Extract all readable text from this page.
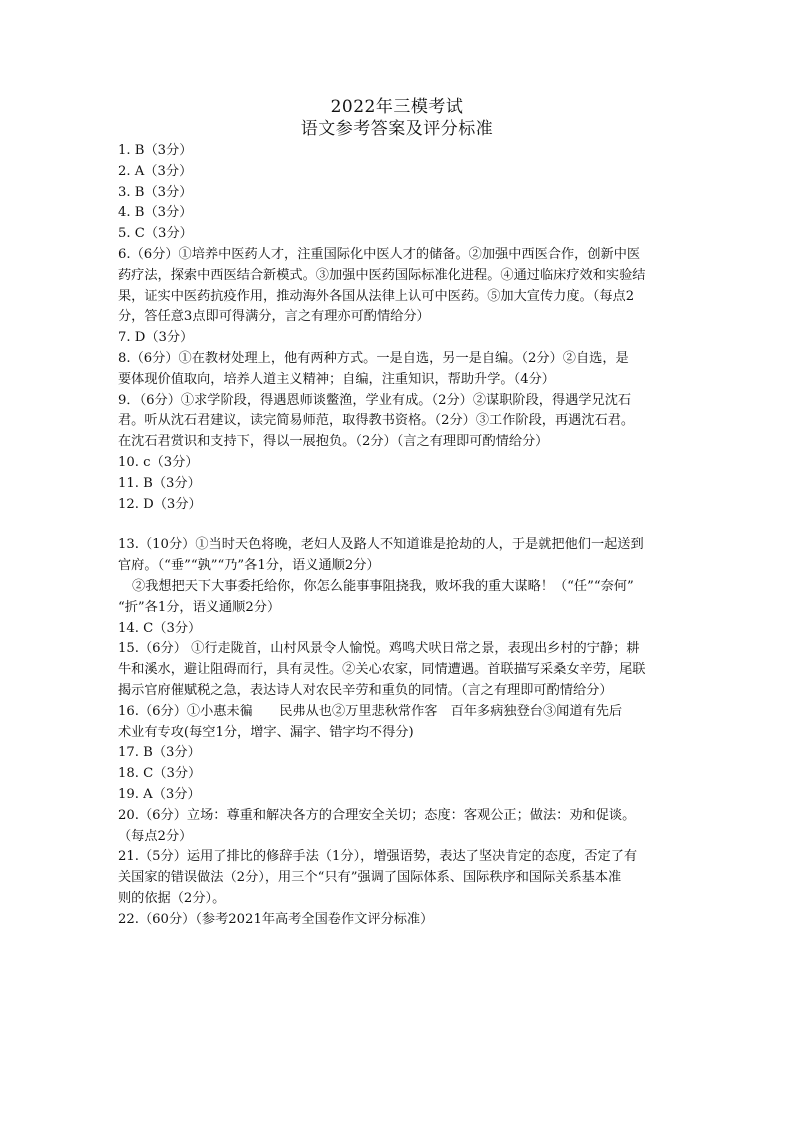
2022年三模考试
语文参考答案及评分标准
1. B（3分）
2. A（3分）
3. B（3分）
4. B（3分）
5. C（3分）
6.（6分）①培养中医药人才，注重国际化中医人才的储备。②加强中西医合作，创新中医
药疗法，探索中西医结合新模式。③加强中医药国际标准化进程。④通过临床疗效和实验结
果，证实中医药抗疫作用，推动海外各国从法律上认可中医药。⑤加大宣传力度。（每点2
分，答任意3点即可得满分，言之有理亦可酌情给分）
7. D（3分）
8.（6分）①在教材处理上，他有两种方式。一是自选，另一是自编。（2分）②自选，是
要体现价值取向，培养人道主义精神；自编，注重知识，帮助升学。（4分）
9．（6分）①求学阶段，得遇恩师谈鳖渔，学业有成。（2分）②谋职阶段，得遇学兄沈石
君。听从沈石君建议，读完简易师范，取得教书资格。（2分）③工作阶段，再遇沈石君。
在沈石君赏识和支持下，得以一展抱负。（2分）（言之有理即可酌情给分）
10. c（3分）
11. B（3分）
12. D（3分）
13.（10分）①当时天色将晚，老妇人及路人不知道谁是抢劫的人，于是就把他们一起送到
官府。（“垂”“孰”“乃”各1分，语义通顺2分）
②我想把天下大事委托给你，你怎么能事事阻挠我，败坏我的重大谋略！（“任”“奈何”
“折”各1分，语义通顺2分）
14. C（3分）
15.（6分） ①行走陇首，山村风景令人愉悦。鸡鸣犬吠日常之景，表现出乡村的宁静；耕
牛和溪水，避让阻碍而行，具有灵性。②关心农家，同情遭遇。首联描写采桑女辛劳，尾联
揭示官府催赋税之急，表达诗人对农民辛劳和重负的同情。（言之有理即可酌情给分）
16.（6分）①小惠未徧　　民弗从也②万里悲秋常作客　百年多病独登台③闻道有先后
术业有专攻(每空1分，增字、漏字、错字均不得分)
17. B（3分）
18. C（3分）
19. A（3分）
20.（6分）立场：尊重和解决各方的合理安全关切；态度：客观公正；做法：劝和促谈。
（每点2分）
21.（5分）运用了排比的修辞手法（1分），增强语势，表达了坚决肯定的态度，否定了有
关国家的错误做法（2分），用三个“只有”强调了国际体系、国际秩序和国际关系基本准
则的依据（2分）。
22.（60分）（参考2021年高考全国卷作文评分标准）
